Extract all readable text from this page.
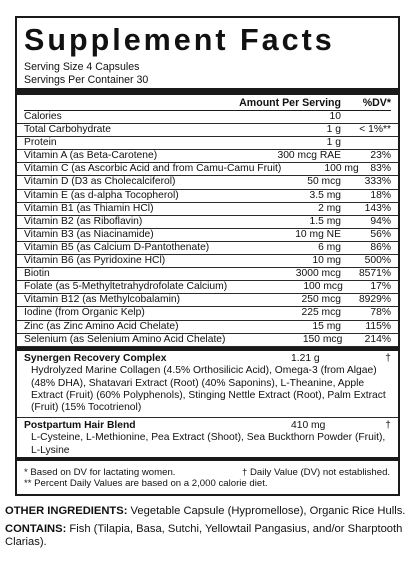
Supplement Facts
Serving Size 4 Capsules
Servings Per Container 30
Amount Per Serving	%DV*
Calories	10
Total Carbohydrate	1 g	< 1%**
Protein	1 g
Vitamin A (as Beta-Carotene)	300 mcg RAE	23%
Vitamin C (as Ascorbic Acid and from Camu-Camu Fruit)	100 mg	83%
Vitamin D (D3 as Cholecalciferol)	50 mcg	333%
Vitamin E (as d-alpha Tocopherol)	3.5 mg	18%
Vitamin B1 (as Thiamin HCl)	2 mg	143%
Vitamin B2 (as Riboflavin)	1.5 mg	94%
Vitamin B3 (as Niacinamide)	10 mg NE	56%
Vitamin B5 (as Calcium D-Pantothenate)	6 mg	86%
Vitamin B6 (as Pyridoxine HCl)	10 mg	500%
Biotin	3000 mcg	8571%
Folate (as 5-Methyltetrahydrofolate Calcium)	100 mcg	17%
Vitamin B12 (as Methylcobalamin)	250 mcg	8929%
Iodine (from Organic Kelp)	225 mcg	78%
Zinc (as Zinc Amino Acid Chelate)	15 mg	115%
Selenium (as Selenium Amino Acid Chelate)	150 mcg	214%
Synergen Recovery Complex	1.21 g	†
Hydrolyzed Marine Collagen (4.5% Orthosilicic Acid), Omega-3 (from Algae) (48% DHA), Shatavari Extract (Root) (40% Saponins), L-Theanine, Apple Extract (Fruit) (60% Polyphenols), Stinging Nettle Extract (Root), Palm Extract (Fruit) (15% Tocotrienol)
Postpartum Hair Blend	410 mg	†
L-Cysteine, L-Methionine, Pea Extract (Shoot), Sea Buckthorn Powder (Fruit), L-Lysine
* Based on DV for lactating women.	† Daily Value (DV) not established.
** Percent Daily Values are based on a 2,000 calorie diet.

OTHER INGREDIENTS: Vegetable Capsule (Hypromellose), Organic Rice Hulls.

CONTAINS: Fish (Tilapia, Basa, Sutchi, Yellowtail Pangasius, and/or Sharptooth Clarias).
